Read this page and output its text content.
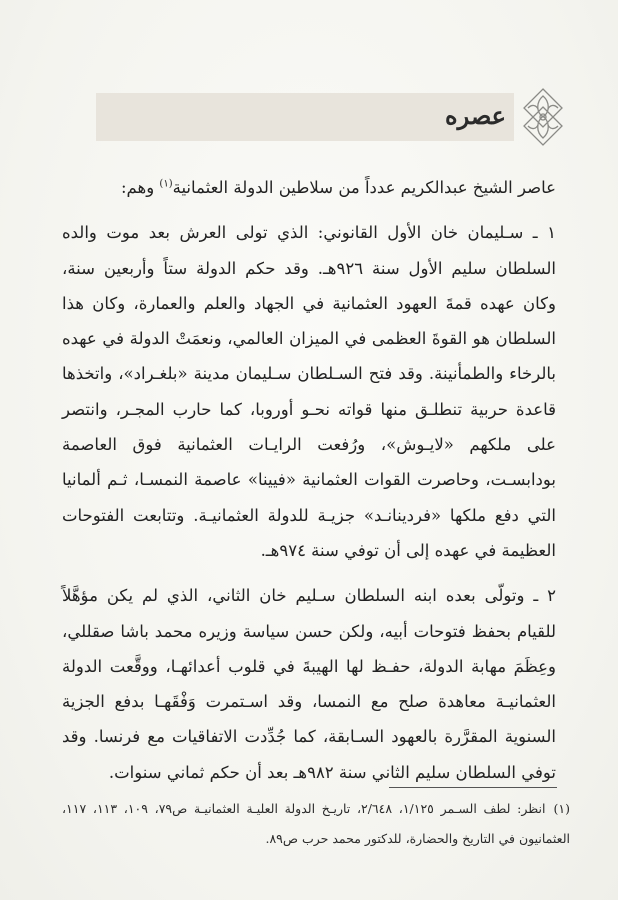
عصره

عاصر الشيخ عبدالكريم عدداً من سلاطين الدولة العثمانية$^{(١)}$ وهم:

١ ـ سـليمان خان الأول القانوني: الذي تولى العرش بعد موت والده السلطان سليم الأول سنة ٩٢٦هـ. وقد حكم الدولة ستاً وأربعين سنة، وكان عهده قمةَ العهود العثمانية في الجهاد والعلم والعمارة، وكان هذا السلطان هو القوةَ العظمى في الميزان العالمي، ونعمَتْ الدولة في عهده بالرخاء والطمأنينة. وقد فتح السـلطان سـليمان مدينة «بلغـراد»، واتخذها قاعدة حربية تنطلـق منها قواته نحـو أوروبا، كما حارب المجـر، وانتصر على ملكهم «لايـوش»، ورُفعت الرايـات العثمانية فوق العاصمة بودابسـت، وحاصرت القوات العثمانية «فيينا» عاصمة النمسـا، ثـم ألمانيا التي دفع ملكها «فردينانـد» جزيـة للدولة العثمانيـة. وتتابعت الفتوحات العظيمة في عهده إلى أن توفي سنة ٩٧٤هـ.

٢ ـ وتولّى بعده ابنه السلطان سـليم خان الثاني، الذي لم يكن مؤهَّلاً للقيام بحفظ فتوحات أبيه، ولكن حسن سياسة وزيره محمد باشا صقللي، وعِظَمَ مهابة الدولة، حفـظ لها الهيبةَ في قلوب أعدائهـا، ووقَّعت الدولة العثمانيـة معاهدة صلح مع النمسا، وقد اسـتمرت وَفْقَهـا بدفع الجزية السنوية المقرَّرة بالعهود السـابقة، كما جُدِّدت الاتفاقيات مع فرنسا. وقد توفي السلطان سليم الثاني سنة ٩٨٢هـ بعد أن حكم ثماني سنوات.

(١)انظر: لطف السـمر ١/١٢٥، ٢/٦٤٨، تاريـخ الدولة العليـة العثمانيـة ص٧٩، ١٠٩، ١١٣، ١١٧، العثمانيون في التاريخ والحضارة، للدكتور محمد حرب ص٨٩.
